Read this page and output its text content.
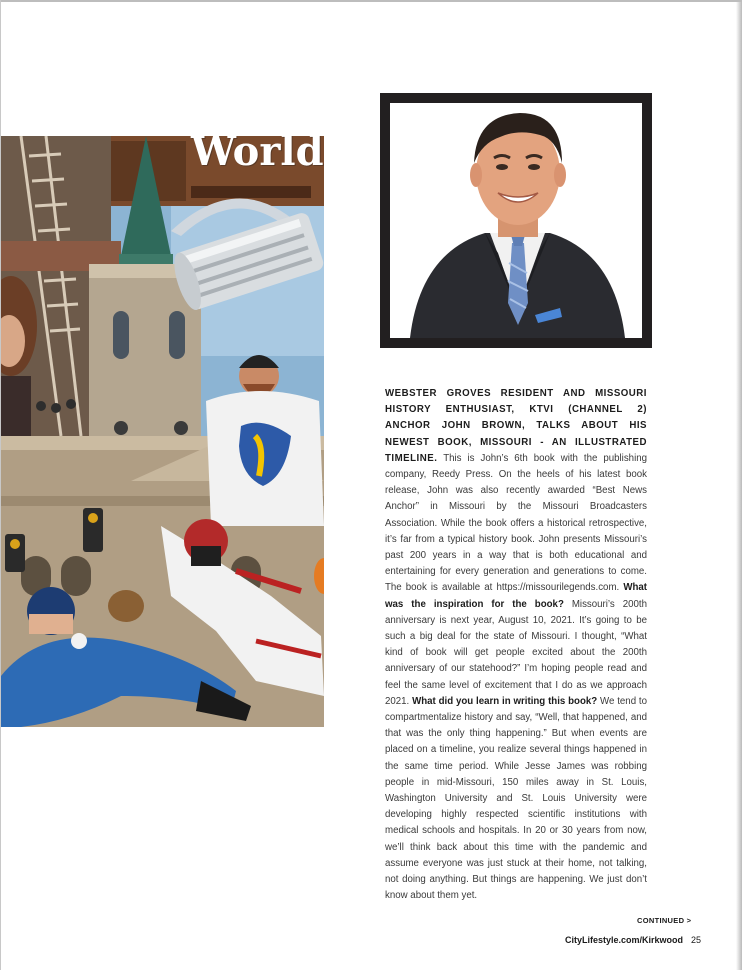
World
WEBSTER GROVES RESIDENT AND MISSOURI HISTORY ENTHUSIAST, KTVI (CHANNEL 2) ANCHOR JOHN BROWN, TALKS ABOUT HIS NEWEST BOOK, MISSOURI - AN ILLUSTRATED TIMELINE. This is John’s 6th book with the publishing company, Reedy Press. On the heels of his latest book release, John was also recently awarded “Best News Anchor” in Missouri by the Missouri Broadcasters Association. While the book offers a historical retrospective, it’s far from a typical history book. John presents Missouri’s past 200 years in a way that is both educational and entertaining for every generation and generations to come. The book is available at https://missourilegends.com. What was the inspiration for the book? Missouri’s 200th anniversary is next year, August 10, 2021. It’s going to be such a big deal for the state of Missouri. I thought, “What kind of book will get people excited about the 200th anniversary of our statehood?” I’m hoping people read and feel the same level of excitement that I do as we approach 2021. What did you learn in writing this book? We tend to compartmentalize history and say, “Well, that happened, and that was the only thing happening.” But when events are placed on a timeline, you realize several things happened in the same time period. While Jesse James was robbing people in mid-Missouri, 150 miles away in St. Louis, Washington University and St. Louis University were developing highly respected scientific institutions with medical schools and hospitals. In 20 or 30 years from now, we’ll think back about this time with the pandemic and assume everyone was just stuck at their home, not talking, not doing anything. But things are happening. We just don’t know about them yet.
CONTINUED >
CityLifestyle.com/Kirkwood 25
